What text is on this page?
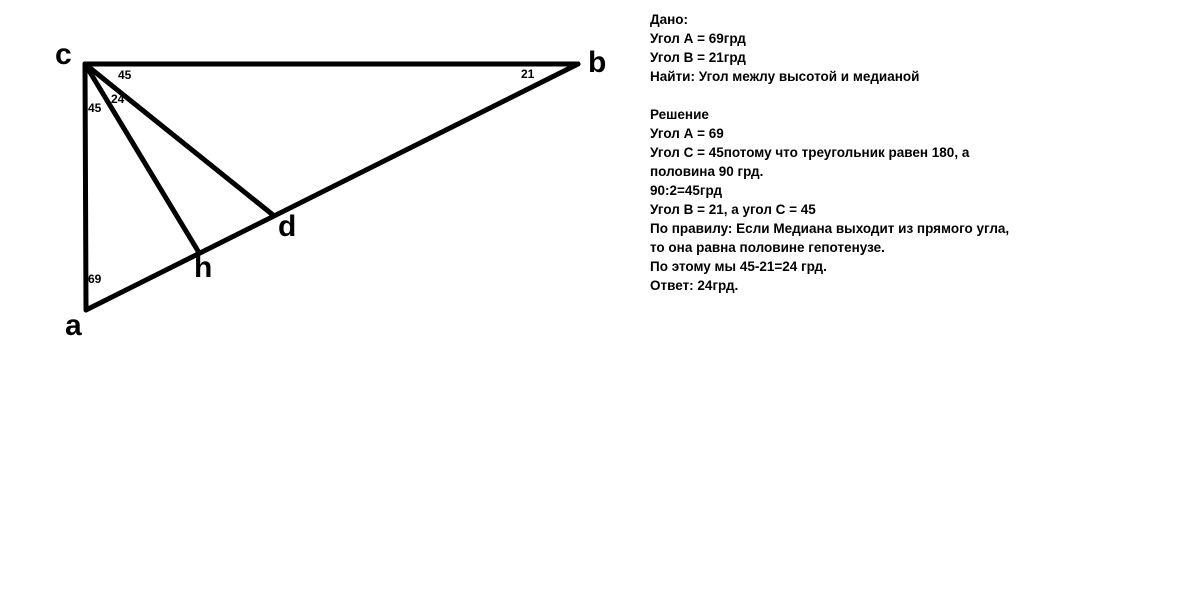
c	b
a
d
h
45
45
24
21
69
Дано:
Угол А = 69грд
Угол В = 21грд
Найти: Угол межлу высотой и медианой
Решение
Угол А = 69
Угол С = 45потому что треугольник равен 180, а
половина 90 грд.
90:2=45грд
Угол В = 21, а угол С = 45
По правилу: Если Медиана выходит из прямого угла,
то она равна половине гепотенузе.
По этому мы 45-21=24 грд.
Ответ: 24грд.
